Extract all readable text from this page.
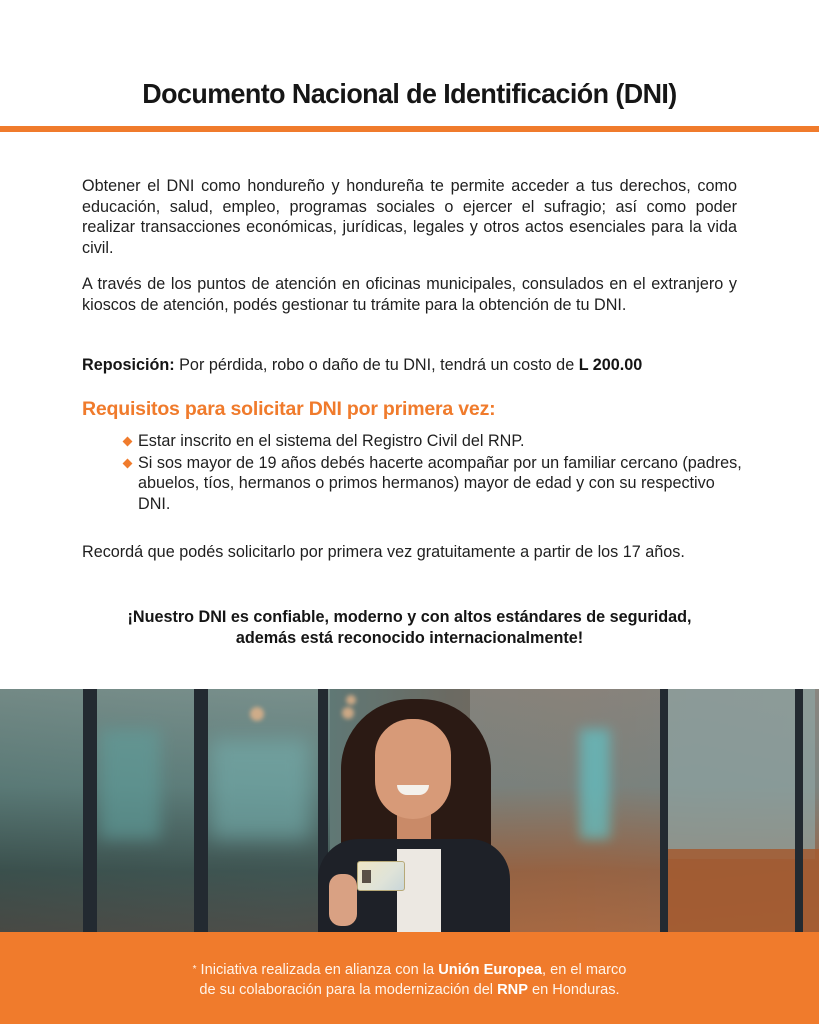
Documento Nacional de Identificación (DNI)

Obtener el DNI como hondureño y hondureña te permite acceder a tus derechos, como educación, salud, empleo, programas sociales o ejercer el sufragio; así como poder realizar transacciones económicas, jurídicas, legales y otros actos esenciales para la vida civil.

A través de los puntos de atención en oficinas municipales, consulados en el extranjero y kioscos de atención, podés gestionar tu trámite para la obtención de tu DNI.

Reposición: Por pérdida, robo o daño de tu DNI, tendrá un costo de L 200.00

Requisitos para solicitar DNI por primera vez:
Estar inscrito en el sistema del Registro Civil del RNP.
Si sos mayor de 19 años debés hacerte acompañar por un familiar cercano (padres, abuelos, tíos, hermanos o primos hermanos) mayor de edad y con su respectivo DNI.

Recordá que podés solicitarlo por primera vez gratuitamente a partir de los 17 años.

¡Nuestro DNI es confiable, moderno y con altos estándares de seguridad,
además está reconocido internacionalmente!
* Iniciativa realizada en alianza con la Unión Europea, en el marco
de su colaboración para la modernización del RNP en Honduras.
